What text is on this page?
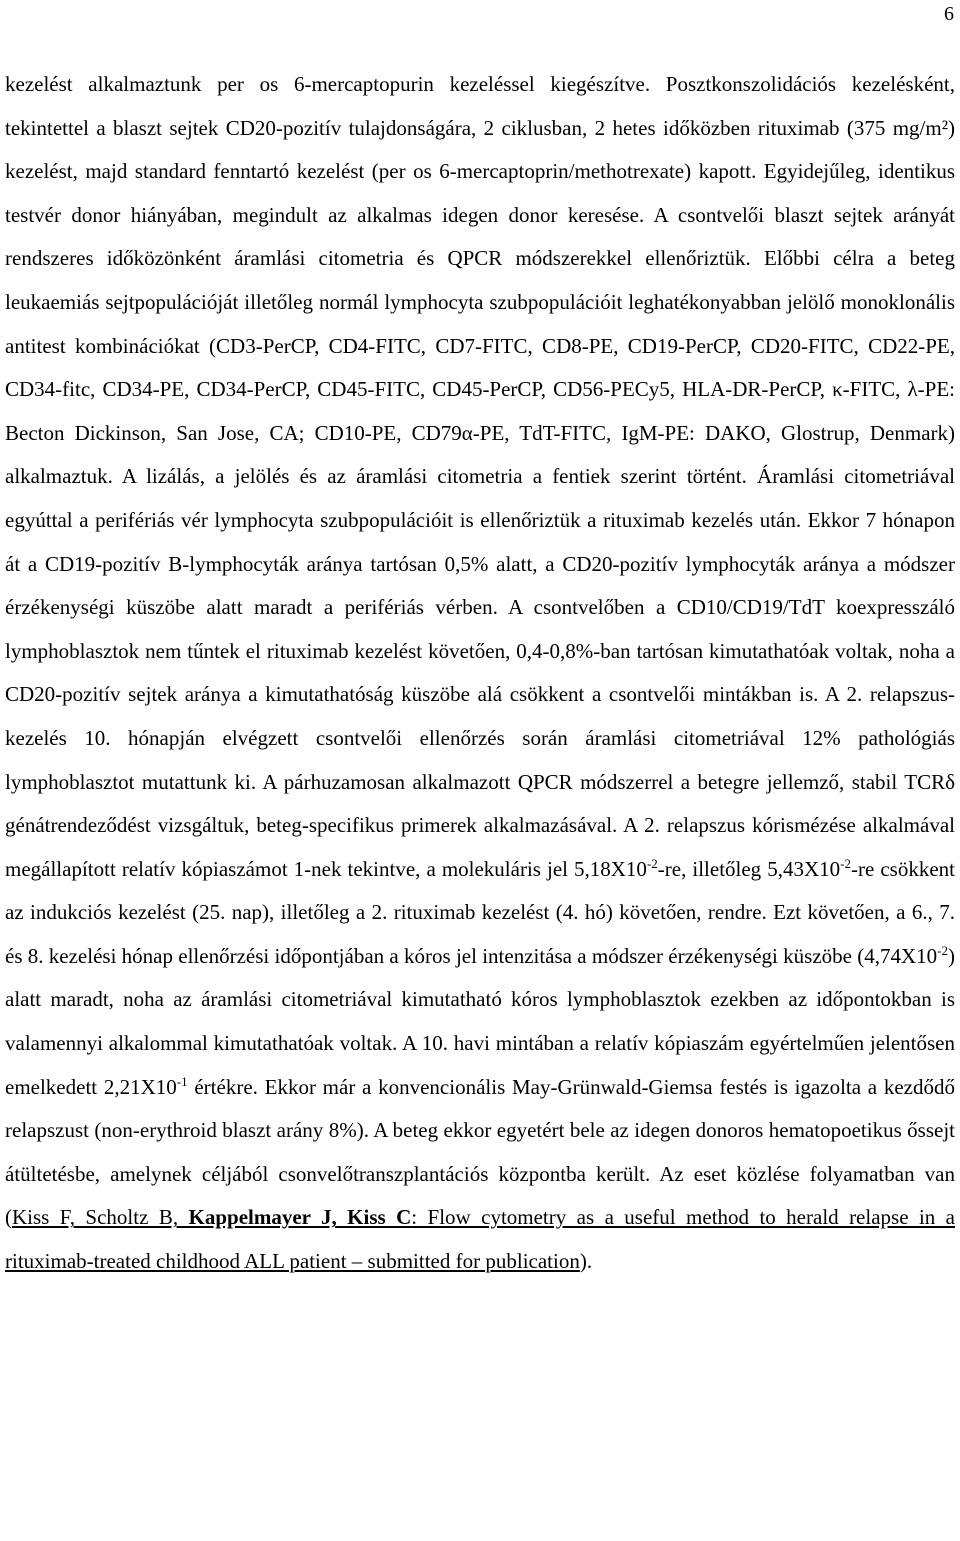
6

kezelést alkalmaztunk per os 6-mercaptopurin kezeléssel kiegészítve. Posztkonszolidációs kezelésként, tekintettel a blaszt sejtek CD20-pozitív tulajdonságára, 2 ciklusban, 2 hetes időközben rituximab (375 mg/m²) kezelést, majd standard fenntartó kezelést (per os 6-mercaptoprin/methotrexate) kapott. Egyidejűleg, identikus testvér donor hiányában, megindult az alkalmas idegen donor keresése. A csontvelői blaszt sejtek arányát rendszeres időközönként áramlási citometria és QPCR módszerekkel ellenőriztük. Előbbi célra a beteg leukaemiás sejtpopulációját illetőleg normál lymphocyta szubpopulációit leghatékonyabban jelölő monoklonális antitest kombinációkat (CD3-PerCP, CD4-FITC, CD7-FITC, CD8-PE, CD19-PerCP, CD20-FITC, CD22-PE, CD34-fitc, CD34-PE, CD34-PerCP, CD45-FITC, CD45-PerCP, CD56-PECy5, HLA-DR-PerCP, κ-FITC, λ-PE: Becton Dickinson, San Jose, CA; CD10-PE, CD79α-PE, TdT-FITC, IgM-PE: DAKO, Glostrup, Denmark) alkalmaztuk. A lizálás, a jelölés és az áramlási citometria a fentiek szerint történt. Áramlási citometriával egyúttal a perifériás vér lymphocyta szubpopulációit is ellenőriztük a rituximab kezelés után. Ekkor 7 hónapon át a CD19-pozitív B-lymphocyták aránya tartósan 0,5% alatt, a CD20-pozitív lymphocyták aránya a módszer érzékenységi küszöbe alatt maradt a perifériás vérben. A csontvelőben a CD10/CD19/TdT koexpresszáló lymphoblasztok nem tűntek el rituximab kezelést követően, 0,4-0,8%-ban tartósan kimutathatóak voltak, noha a CD20-pozitív sejtek aránya a kimutathatóság küszöbe alá csökkent a csontvelői mintákban is. A 2. relapszus-kezelés 10. hónapján elvégzett csontvelői ellenőrzés során áramlási citometriával 12% pathológiás lymphoblasztot mutattunk ki. A párhuzamosan alkalmazott QPCR módszerrel a betegre jellemző, stabil TCRδ génátrendeződést vizsgáltuk, beteg-specifikus primerek alkalmazásával. A 2. relapszus kórismézése alkalmával megállapított relatív kópiaszámot 1-nek tekintve, a molekuláris jel $5,18X10^{-2}-re$, illetőleg $5,43X10^{-2}-re$ csökkent az indukciós kezelést (25. nap), illetőleg a 2. rituximab kezelést (4. hó) követően, rendre. Ezt követően, a 6., 7. és 8. kezelési hónap ellenőrzési időpontjában a kóros jel intenzitása a módszer érzékenységi küszöbe $(4,74X10^{-2})$ alatt maradt, noha az áramlási citometriával kimutatható kóros lymphoblasztok ezekben az időpontokban is valamennyi alkalommal kimutathatóak voltak. A 10. havi mintában a relatív kópiaszám egyértelműen jelentősen emelkedett $2,21X10^{-1}$ értékre. Ekkor már a konvencionális May-Grünwald-Giemsa festés is igazolta a kezdődő relapszust (non-erythroid blaszt arány 8%). A beteg ekkor egyetért bele az idegen donoros hematopoetikus őssejt átültetésbe, amelynek céljából csonvelőtranszplantációs központba került. Az eset közlése folyamatban van (Kiss F, Scholtz B, Kappelmayer J, Kiss C: Flow cytometry as a useful method to herald relapse in a rituximab-treated childhood ALL patient – submitted for publication).
